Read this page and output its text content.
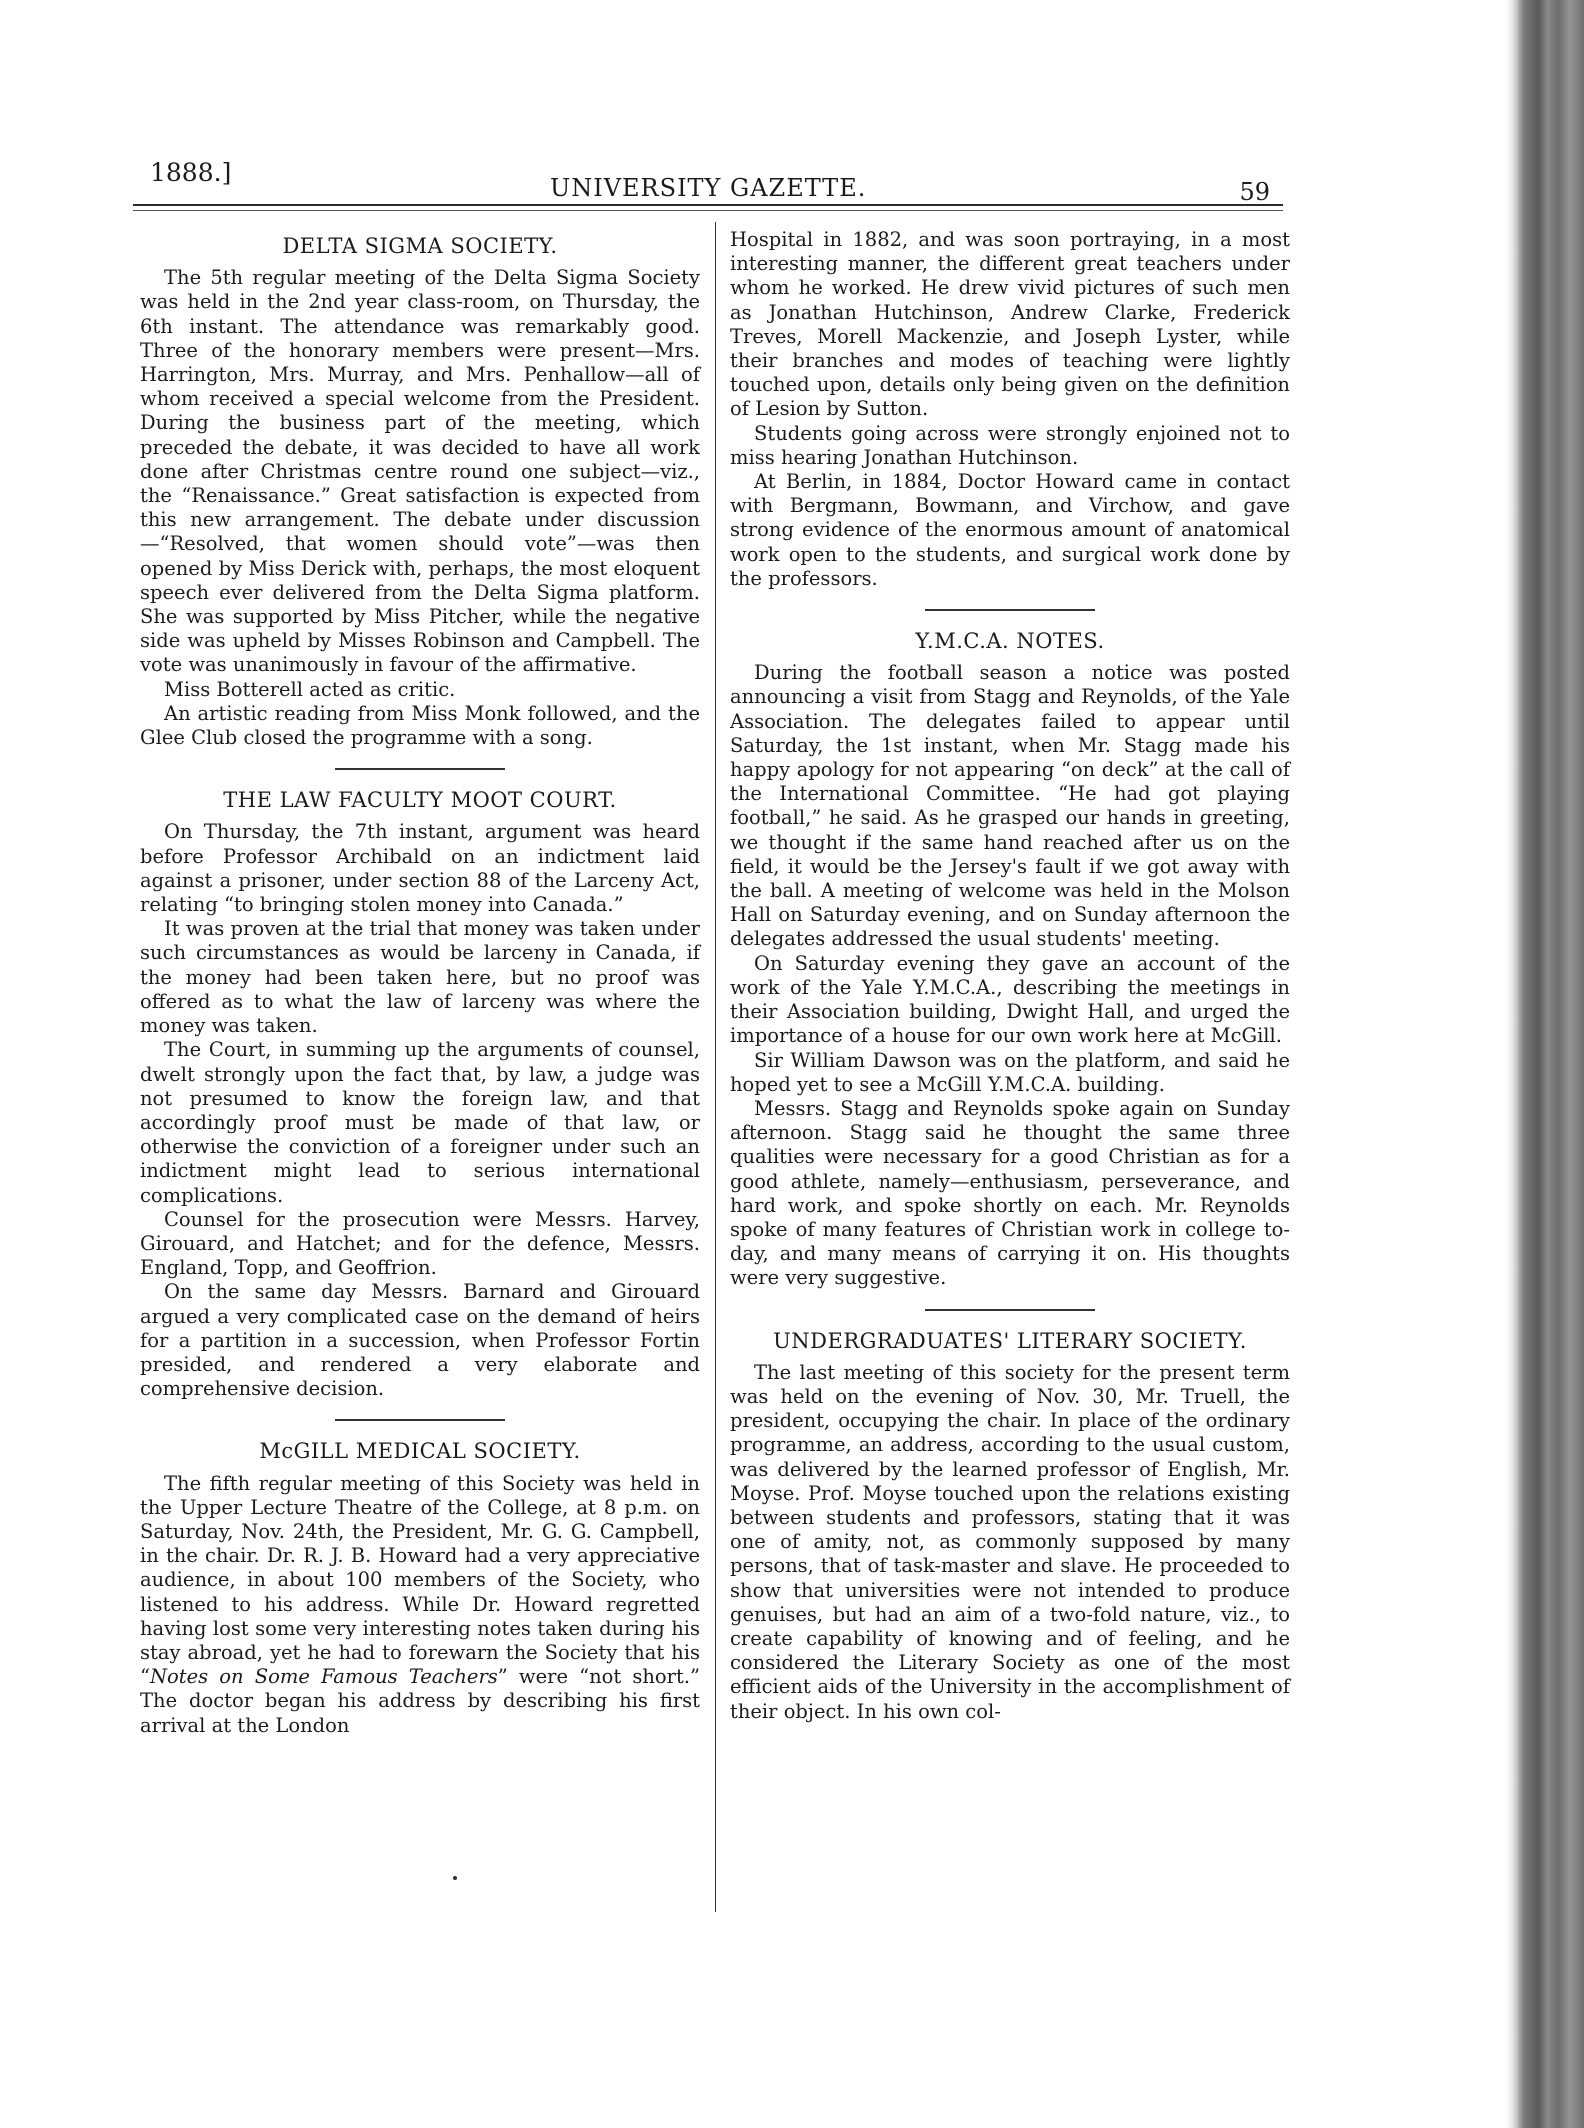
1888.]
UNIVERSITY GAZETTE.	59
DELTA SIGMA SOCIETY.

The 5th regular meeting of the Delta Sigma Society was held in the 2nd year class-room, on Thursday, the 6th instant. The attendance was remarkably good. Three of the honorary members were present—Mrs. Harrington, Mrs. Murray, and Mrs. Penhallow—all of whom received a special welcome from the President. During the business part of the meeting, which preceded the debate, it was decided to have all work done after Christmas centre round one subject—viz., the “Renaissance.” Great satisfaction is expected from this new arrangement. The debate under discussion—“Resolved, that women should vote”—was then opened by Miss Derick with, perhaps, the most eloquent speech ever delivered from the Delta Sigma platform. She was supported by Miss Pitcher, while the negative side was upheld by Misses Robinson and Campbell. The vote was unanimously in favour of the affirmative.

Miss Botterell acted as critic.

An artistic reading from Miss Monk followed, and the Glee Club closed the programme with a song.

THE LAW FACULTY MOOT COURT.

On Thursday, the 7th instant, argument was heard before Professor Archibald on an indictment laid against a prisoner, under section 88 of the Larceny Act, relating “to bringing stolen money into Canada.”

It was proven at the trial that money was taken under such circumstances as would be larceny in Canada, if the money had been taken here, but no proof was offered as to what the law of larceny was where the money was taken.

The Court, in summing up the arguments of counsel, dwelt strongly upon the fact that, by law, a judge was not presumed to know the foreign law, and that accordingly proof must be made of that law, or otherwise the conviction of a foreigner under such an indictment might lead to serious international complications.

Counsel for the prosecution were Messrs. Harvey, Girouard, and Hatchet; and for the defence, Messrs. England, Topp, and Geoffrion.

On the same day Messrs. Barnard and Girouard argued a very complicated case on the demand of heirs for a partition in a succession, when Professor Fortin presided, and rendered a very elaborate and comprehensive decision.

McGILL MEDICAL SOCIETY.

The fifth regular meeting of this Society was held in the Upper Lecture Theatre of the College, at 8 p.m. on Saturday, Nov. 24th, the President, Mr. G. G. Campbell, in the chair. Dr. R. J. B. Howard had a very appreciative audience, in about 100 members of the Society, who listened to his address. While Dr. Howard regretted having lost some very interesting notes taken during his stay abroad, yet he had to forewarn the Society that his “Notes on Some Famous Teachers” were “not short.” The doctor began his address by describing his first arrival at the London

Hospital in 1882, and was soon portraying, in a most interesting manner, the different great teachers under whom he worked. He drew vivid pictures of such men as Jonathan Hutchinson, Andrew Clarke, Frederick Treves, Morell Mackenzie, and Joseph Lyster, while their branches and modes of teaching were lightly touched upon, details only being given on the definition of Lesion by Sutton.

Students going across were strongly enjoined not to miss hearing Jonathan Hutchinson.

At Berlin, in 1884, Doctor Howard came in contact with Bergmann, Bowmann, and Virchow, and gave strong evidence of the enormous amount of anatomical work open to the students, and surgical work done by the professors.

Y.M.C.A. NOTES.

During the football season a notice was posted announcing a visit from Stagg and Reynolds, of the Yale Association. The delegates failed to appear until Saturday, the 1st instant, when Mr. Stagg made his happy apology for not appearing “on deck” at the call of the International Committee. “He had got playing football,” he said. As he grasped our hands in greeting, we thought if the same hand reached after us on the field, it would be the Jersey's fault if we got away with the ball. A meeting of welcome was held in the Molson Hall on Saturday evening, and on Sunday afternoon the delegates addressed the usual students' meeting.

On Saturday evening they gave an account of the work of the Yale Y.M.C.A., describing the meetings in their Association building, Dwight Hall, and urged the importance of a house for our own work here at McGill.

Sir William Dawson was on the platform, and said he hoped yet to see a McGill Y.M.C.A. building.

Messrs. Stagg and Reynolds spoke again on Sunday afternoon. Stagg said he thought the same three qualities were necessary for a good Christian as for a good athlete, namely—enthusiasm, perseverance, and hard work, and spoke shortly on each. Mr. Reynolds spoke of many features of Christian work in college to-day, and many means of carrying it on. His thoughts were very suggestive.

UNDERGRADUATES' LITERARY SOCIETY.

The last meeting of this society for the present term was held on the evening of Nov. 30, Mr. Truell, the president, occupying the chair. In place of the ordinary programme, an address, according to the usual custom, was delivered by the learned professor of English, Mr. Moyse. Prof. Moyse touched upon the relations existing between students and professors, stating that it was one of amity, not, as commonly supposed by many persons, that of task-master and slave. He proceeded to show that universities were not intended to produce genuises, but had an aim of a two-fold nature, viz., to create capability of knowing and of feeling, and he considered the Literary Society as one of the most efficient aids of the University in the accomplishment of their object. In his own col-
